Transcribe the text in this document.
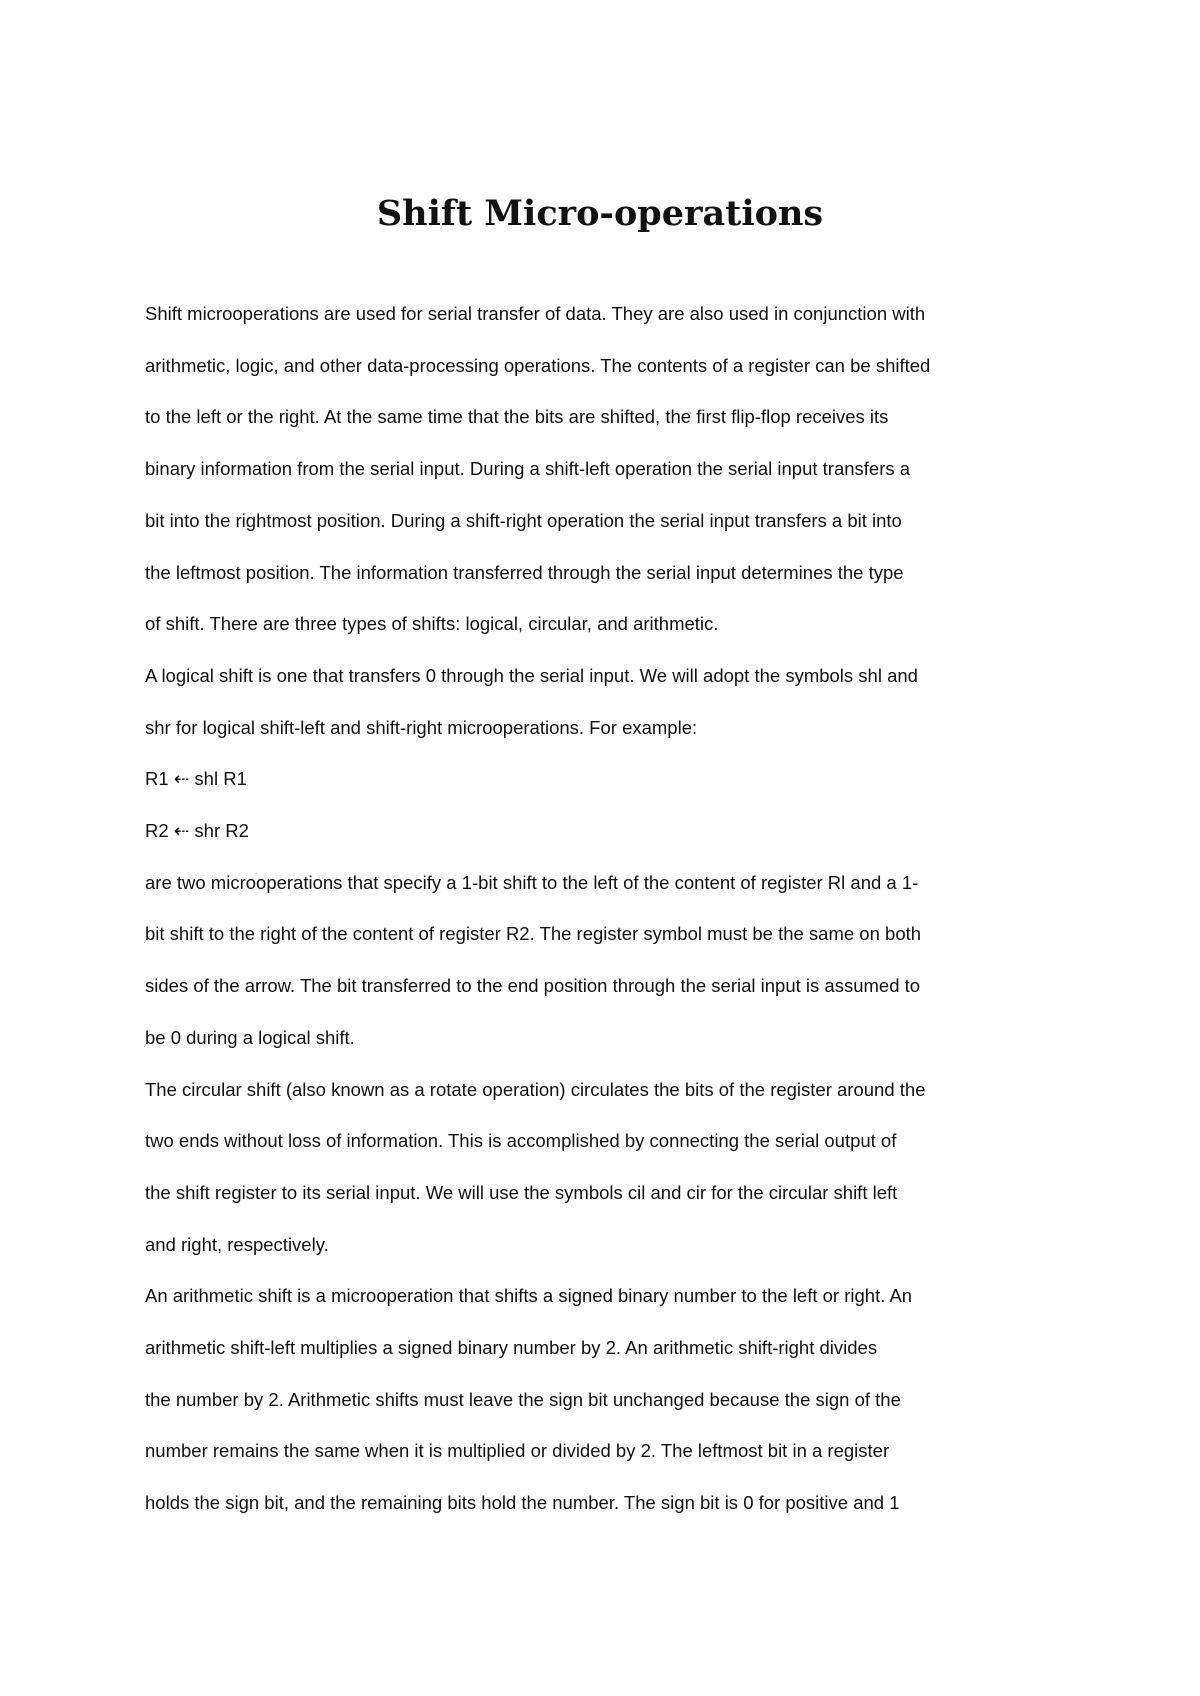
Shift Micro-operations

Shift microoperations are used for serial transfer of data. They are also used in conjunction with

arithmetic, logic, and other data-processing operations. The contents of a register can be shifted

to the left or the right. At the same time that the bits are shifted, the first flip-flop receives its

binary information from the serial input. During a shift-left operation the serial input transfers a

bit into the rightmost position. During a shift-right operation the serial input transfers a bit into

the leftmost position. The information transferred through the serial input determines the type

of shift. There are three types of shifts: logical, circular, and arithmetic.

A logical shift is one that transfers 0 through the serial input. We will adopt the symbols shl and

shr for logical shift-left and shift-right microoperations. For example:

R1 ⇠ shl R1

R2 ⇠ shr R2

are two microoperations that specify a 1-bit shift to the left of the content of register Rl and a 1-

bit shift to the right of the content of register R2. The register symbol must be the same on both

sides of the arrow. The bit transferred to the end position through the serial input is assumed to

be 0 during a logical shift.

The circular shift (also known as a rotate operation) circulates the bits of the register around the

two ends without loss of information. This is accomplished by connecting the serial output of

the shift register to its serial input. We will use the symbols cil and cir for the circular shift left

and right, respectively.

An arithmetic shift is a microoperation that shifts a signed binary number to the left or right. An

arithmetic shift-left multiplies a signed binary number by 2. An arithmetic shift-right divides

the number by 2. Arithmetic shifts must leave the sign bit unchanged because the sign of the

number remains the same when it is multiplied or divided by 2. The leftmost bit in a register

holds the sign bit, and the remaining bits hold the number. The sign bit is 0 for positive and 1
